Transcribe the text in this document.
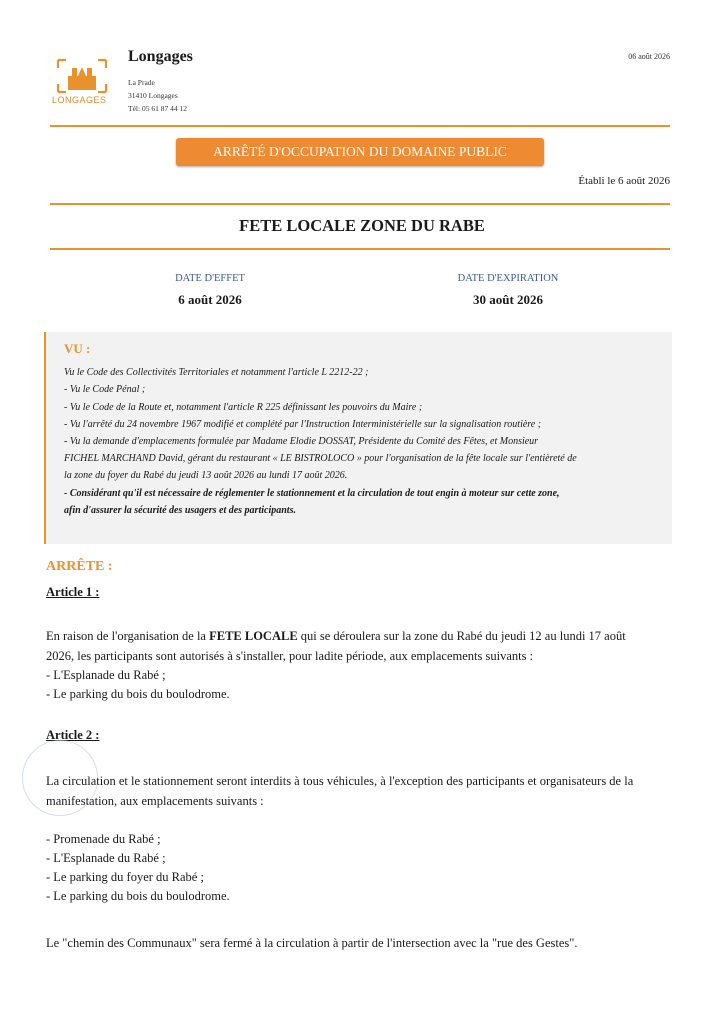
LONGAGES
Longages
La Prade
31410 Longages
Tél: 05 61 87 44 12
06 août 2026
ARRÊTÉ D'OCCUPATION DU DOMAINE PUBLIC
Établi le 6 août 2026
FETE LOCALE ZONE DU RABE
DATE D'EFFET
6 août 2026
DATE D'EXPIRATION
30 août 2026
VU :
Vu le Code des Collectivités Territoriales et notamment l'article L 2212-22 ;
- Vu le Code Pénal ;
- Vu le Code de la Route et, notamment l'article R 225 définissant les pouvoirs du Maire ;
- Vu l'arrêté du 24 novembre 1967 modifié et complété par l'Instruction Interministérielle sur la signalisation routière ;
- Vu la demande d'emplacements formulée par Madame Elodie DOSSAT, Présidente du Comité des Fêtes, et Monsieur
FICHEL MARCHAND David, gérant du restaurant « LE BISTROLOCO » pour l'organisation de la fête locale sur l'entièreté de
la zone du foyer du Rabé du jeudi 13 août 2026 au lundi 17 août 2026.
- Considérant qu'il est nécessaire de réglementer le stationnement et la circulation de tout engin à moteur sur cette zone,
afin d'assurer la sécurité des usagers et des participants.
ARRÊTE :
Article 1 :
En raison de l'organisation de la FETE LOCALE qui se déroulera sur la zone du Rabé du jeudi 12 au lundi 17 août
2026, les participants sont autorisés à s'installer, pour ladite période, aux emplacements suivants :
- L'Esplanade du Rabé ;
- Le parking du bois du boulodrome.
Article 2 :
La circulation et le stationnement seront interdits à tous véhicules, à l'exception des participants et organisateurs de la
manifestation, aux emplacements suivants :
- Promenade du Rabé ;
- L'Esplanade du Rabé ;
- Le parking du foyer du Rabé ;
- Le parking du bois du boulodrome.
Le "chemin des Communaux" sera fermé à la circulation à partir de l'intersection avec la "rue des Gestes".
